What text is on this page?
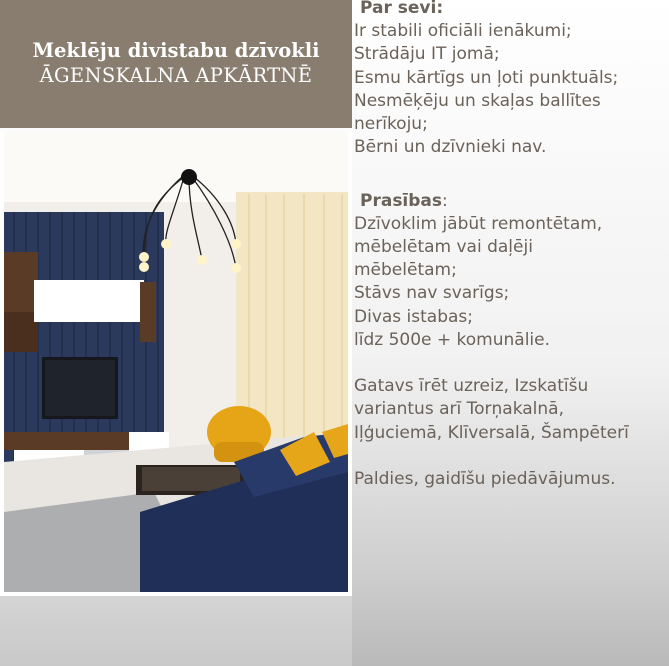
Meklēju divistabu dzīvokli
ĀGENSKALNA APKĀRTNĒ
Par sevi:
Ir stabili oficiāli ienākumi;
Strādāju IT jomā;
Esmu kārtīgs un ļoti punktuāls;
Nesmēķēju un skaļas ballītes
nerīkoju;
Bērni un dzīvnieki nav.
Prasības:
Dzīvoklim jābūt remontētam,
mēbelētam vai daļēji
mēbelētam;
Stāvs nav svarīgs;
Divas istabas;
līdz 500e + komunālie.
Gatavs īrēt uzreiz, Izskatīšu
variantus arī Torņakalnā,
Iļģuciemā, Klīversalā, Šampēterī
Paldies, gaidīšu piedāvājumus.
